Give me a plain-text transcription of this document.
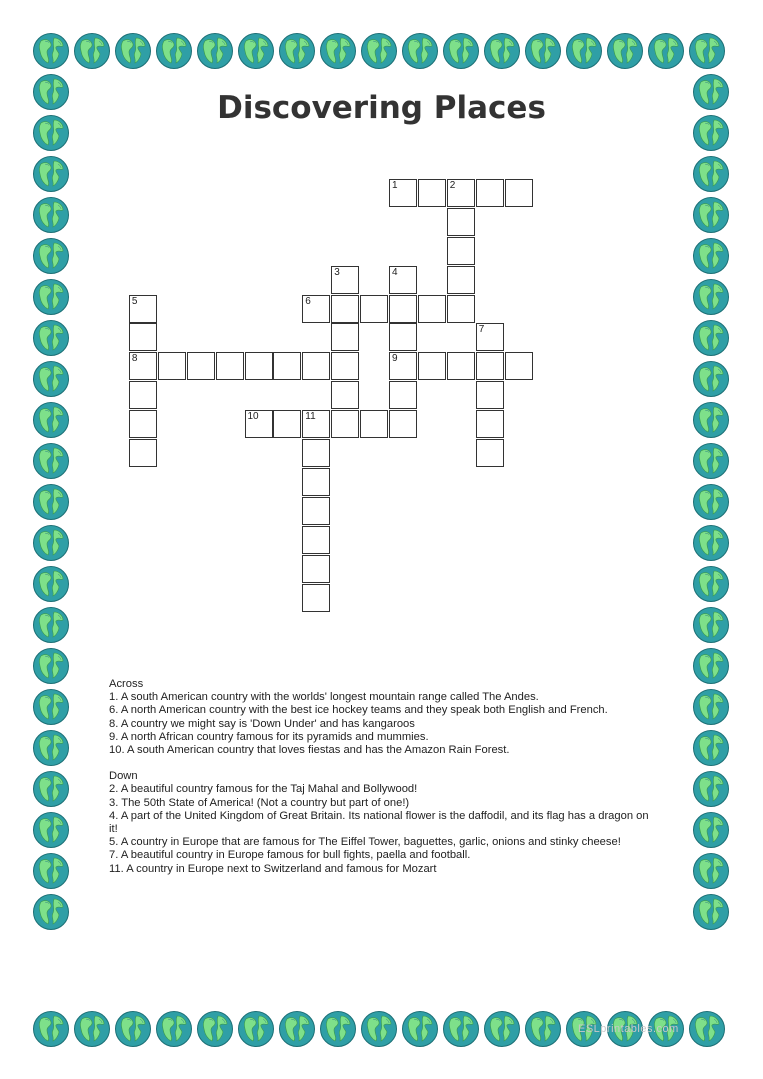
Discovering Places
1	2
3	4
5	6
7
8	9
10	11
Across
1. A south American country with the worlds' longest mountain range called The Andes.
6. A north American country with the best ice hockey teams and they speak both English and French.
8. A country we might say is 'Down Under' and has kangaroos
9. A north African country famous for its pyramids and mummies.
10. A south American country that loves fiestas and has the Amazon Rain Forest.
Down
2. A beautiful country famous for the Taj Mahal and Bollywood!
3. The 50th State of America! (Not a country but part of one!)
4. A part of the United Kingdom of Great Britain. Its national flower is the daffodil, and its flag has a dragon on it!
5. A country in Europe that are famous for The Eiffel Tower, baguettes, garlic, onions and stinky cheese!
7. A beautiful country in Europe famous for bull fights, paella and football.
11. A country in Europe next to Switzerland and famous for Mozart
ESLprintables.com
